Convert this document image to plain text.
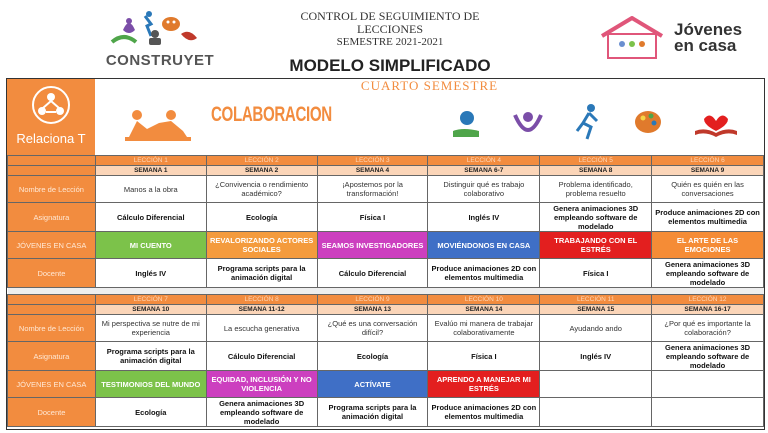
CONSTRUYET
CONTROL DE SEGUIMIENTO DE LECCIONES
SEMESTRE 2021-2021
MODELO SIMPLIFICADO
Jóvenes
en casa
Relaciona T
CUARTO SEMESTRE
COLABORACION
	LECCIÓN 1	LECCIÓN 2	LECCIÓN 3	LECCIÓN 4	LECCIÓN 5	LECCIÓN 6
	SEMANA 1	SEMANA 2	SEMANA 4	SEMANA 6-7	SEMANA 8	SEMANA 9
Nombre de Lección	Manos a la obra	¿Convivencia o rendimiento académico?	¡Apostemos por la transformación!	Distinguir qué es trabajo colaborativo	Problema identificado, problema resuelto	Quién es quién en las conversaciones
Asignatura	Cálculo Diferencial	Ecología	Física I	Inglés IV	Genera animaciones 3D empleando software de modelado	Produce animaciones 2D con elementos multimedia
JÓVENES EN CASA	MI CUENTO	REVALORIZANDO ACTORES SOCIALES	SEAMOS INVESTIGADORES	MOVIÉNDONOS EN CASA	TRABAJANDO CON EL ESTRÉS	EL ARTE DE LAS EMOCIONES
Docente	Inglés IV	Programa scripts para la animación digital	Cálculo Diferencial	Produce animaciones 2D con elementos multimedia	Física I	Genera animaciones 3D empleando software de modelado

	LECCIÓN 7	LECCIÓN 8	LECCIÓN 9	LECCIÓN 10	LECCIÓN 11	LECCIÓN 12
	SEMANA 10	SEMANA 11-12	SEMANA 13	SEMANA 14	SEMANA 15	SEMANA 16-17
Nombre de Lección	Mi perspectiva se nutre de mi experiencia	La escucha generativa	¿Qué es una conversación difícil?	Evalúo mi manera de trabajar colaborativamente	Ayudando ando	¿Por qué es importante la colaboración?
Asignatura	Programa scripts para la animación digital	Cálculo Diferencial	Ecología	Física I	Inglés IV	Genera animaciones 3D empleando software de modelado
JÓVENES EN CASA	TESTIMONIOS DEL MUNDO	EQUIDAD, INCLUSIÓN Y NO VIOLENCIA	ACTÍVATE	APRENDO A MANEJAR MI ESTRÉS		
Docente	Ecología	Genera animaciones 3D empleando software de modelado	Programa scripts para la animación digital	Produce animaciones 2D con elementos multimedia		
